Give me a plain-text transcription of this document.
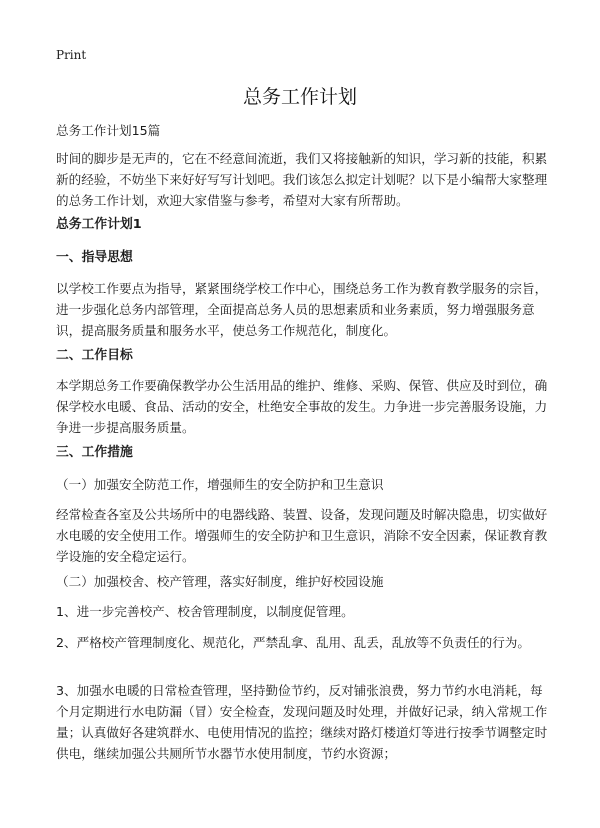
Print
总务工作计划

总务工作计划15篇

时间的脚步是无声的，它在不经意间流逝，我们又将接触新的知识，学习新的技能，积累新的经验，不妨坐下来好好写写计划吧。我们该怎么拟定计划呢？以下是小编帮大家整理的总务工作计划，欢迎大家借鉴与参考，希望对大家有所帮助。

总务工作计划1

一、指导思想

以学校工作要点为指导，紧紧围绕学校工作中心，围绕总务工作为教育教学服务的宗旨，进一步强化总务内部管理，全面提高总务人员的思想素质和业务素质，努力增强服务意识，提高服务质量和服务水平，使总务工作规范化，制度化。

二、工作目标

本学期总务工作要确保教学办公生活用品的维护、维修、采购、保管、供应及时到位，确保学校水电暖、食品、活动的安全，杜绝安全事故的发生。力争进一步完善服务设施，力争进一步提高服务质量。

三、工作措施

（一）加强安全防范工作，增强师生的安全防护和卫生意识

经常检查各室及公共场所中的电器线路、装置、设备，发现问题及时解决隐患，切实做好水电暖的安全使用工作。增强师生的安全防护和卫生意识，消除不安全因素，保证教育教学设施的安全稳定运行。

（二）加强校舍、校产管理，落实好制度，维护好校园设施

1、进一步完善校产、校舍管理制度，以制度促管理。

2、严格校产管理制度化、规范化，严禁乱拿、乱用、乱丢，乱放等不负责任的行为。

3、加强水电暖的日常检查管理，坚持勤俭节约，反对铺张浪费，努力节约水电消耗，每个月定期进行水电防漏（冒）安全检查，发现问题及时处理，并做好记录，纳入常规工作量；认真做好各建筑群水、电使用情况的监控；继续对路灯楼道灯等进行按季节调整定时供电，继续加强公共厕所节水器节水使用制度，节约水资源；
